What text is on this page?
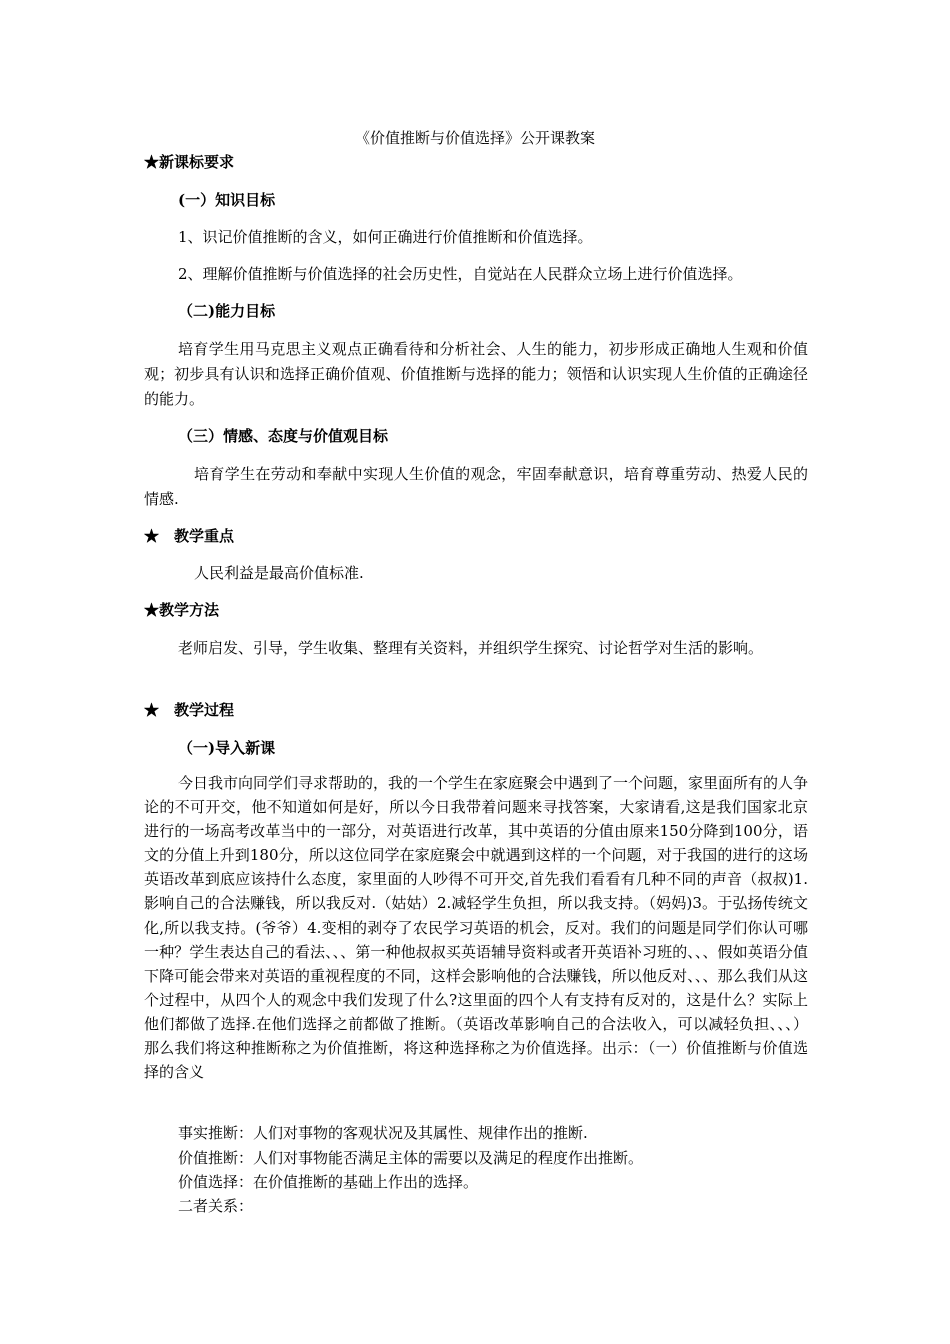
《价值推断与价值选择》公开课教案
★新课标要求
(一）知识目标
1、识记价值推断的含义，如何正确进行价值推断和价值选择。
2、理解价值推断与价值选择的社会历史性，自觉站在人民群众立场上进行价值选择。
（二)能力目标
培育学生用马克思主义观点正确看待和分析社会、人生的能力，初步形成正确地人生观和价值观；初步具有认识和选择正确价值观、价值推断与选择的能力；领悟和认识实现人生价值的正确途径的能力。
（三）情感、态度与价值观目标
培育学生在劳动和奉献中实现人生价值的观念，牢固奉献意识，培育尊重劳动、热爱人民的情感.
★　教学重点
人民利益是最高价值标准.
★教学方法
老师启发、引导，学生收集、整理有关资料，并组织学生探究、讨论哲学对生活的影响。
★　教学过程
（一)导入新课
今日我市向同学们寻求帮助的，我的一个学生在家庭聚会中遇到了一个问题，家里面所有的人争论的不可开交，他不知道如何是好，所以今日我带着问题来寻找答案，大家请看,这是我们国家北京进行的一场高考改革当中的一部分，对英语进行改革，其中英语的分值由原来150分降到100分，语文的分值上升到180分，所以这位同学在家庭聚会中就遇到这样的一个问题，对于我国的进行的这场英语改革到底应该持什么态度，家里面的人吵得不可开交,首先我们看看有几种不同的声音（叔叔)1.影响自己的合法赚钱，所以我反对.（姑姑）2.减轻学生负担，所以我支持。（妈妈)3。于弘扬传统文化,所以我支持。(爷爷）4.变相的剥夺了农民学习英语的机会，反对。我们的问题是同学们你认可哪一种？学生表达自己的看法、、、第一种他叔叔买英语辅导资料或者开英语补习班的、、、假如英语分值下降可能会带来对英语的重视程度的不同，这样会影响他的合法赚钱，所以他反对、、、那么我们从这个过程中，从四个人的观念中我们发现了什么?这里面的四个人有支持有反对的，这是什么？实际上他们都做了选择.在他们选择之前都做了推断。（英语改革影响自己的合法收入，可以减轻负担、、、）那么我们将这种推断称之为价值推断，将这种选择称之为价值选择。出示：（一）价值推断与价值选择的含义
事实推断：人们对事物的客观状况及其属性、规律作出的推断.
价值推断：人们对事物能否满足主体的需要以及满足的程度作出推断。
价值选择：在价值推断的基础上作出的选择。
二者关系：
